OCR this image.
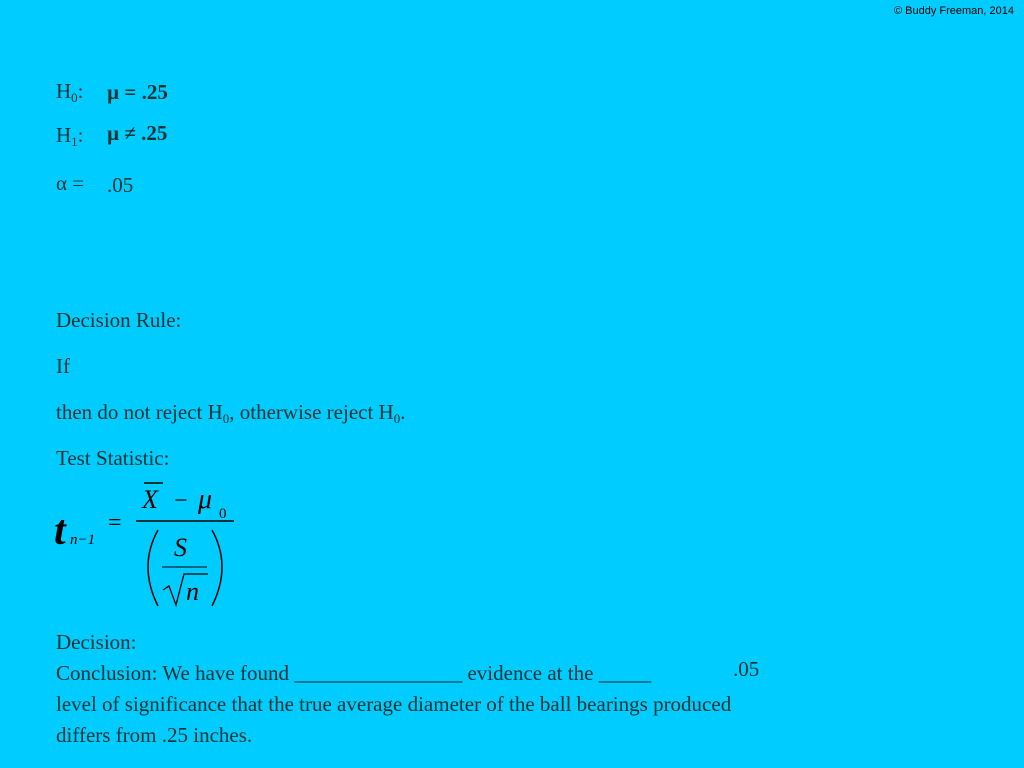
© Buddy Freeman, 2014
$H_0$: µ = .25
$H_1$: µ ≠ .25
α = .05
Decision Rule:
If
then do not reject $H_0$, otherwise reject $H_0$.
Test Statistic:
t n−1
=
X − μ 0
S
n
Decision:
Conclusion: We have found ________________ evidence at the _____	.05
level of significance that the true average diameter of the ball bearings produced
differs from .25 inches.
